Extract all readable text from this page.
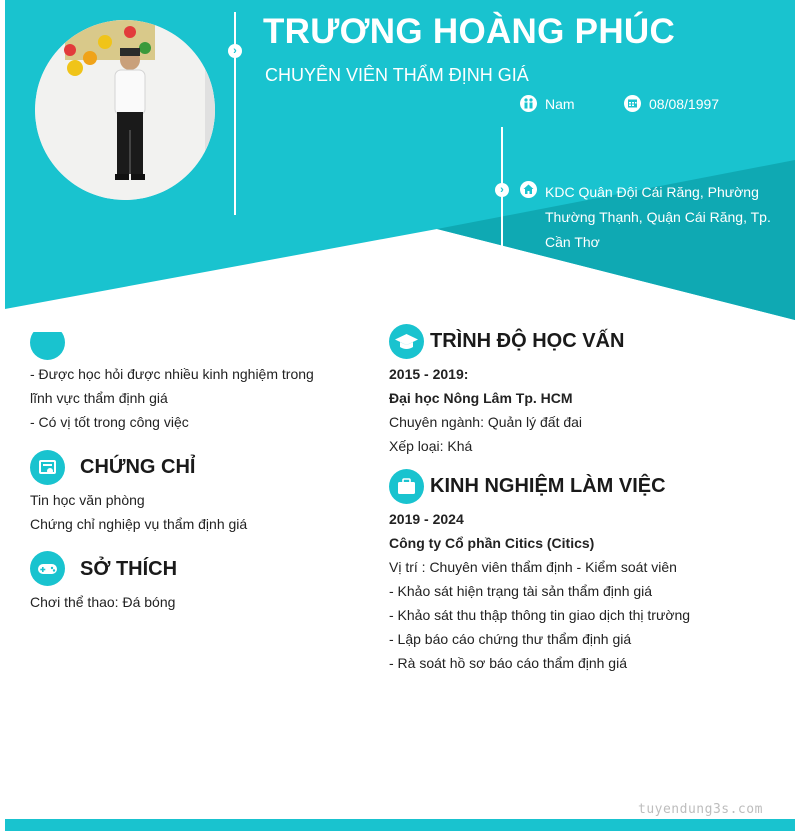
›
›
TRƯƠNG HOÀNG PHÚC
CHUYÊN VIÊN THẨM ĐỊNH GIÁ
Nam	08/08/1997
KDC Quân Đội Cái Răng, Phường Thường Thạnh, Quận Cái Răng, Tp. Cần Thơ
- Được học hỏi được nhiều kinh nghiệm trong
lĩnh vực thẩm định giá
- Có vị tốt trong công việc
CHỨNG CHỈ
Tin học văn phòng
Chứng chỉ nghiệp vụ thẩm định giá
SỞ THÍCH
Chơi thể thao: Đá bóng
TRÌNH ĐỘ HỌC VẤN
2015 - 2019:
Đại học Nông Lâm Tp. HCM
Chuyên ngành: Quản lý đất đai
Xếp loại: Khá
KINH NGHIỆM LÀM VIỆC
2019 - 2024
Công ty Cổ phần Citics (Citics)
Vị trí : Chuyên viên thẩm định - Kiểm soát viên
- Khảo sát hiện trạng tài sản thẩm định giá
- Khảo sát thu thập thông tin giao dịch thị trường
- Lập báo cáo chứng thư thẩm định giá
- Rà soát hồ sơ báo cáo thẩm định giá
tuyendung3s.com
